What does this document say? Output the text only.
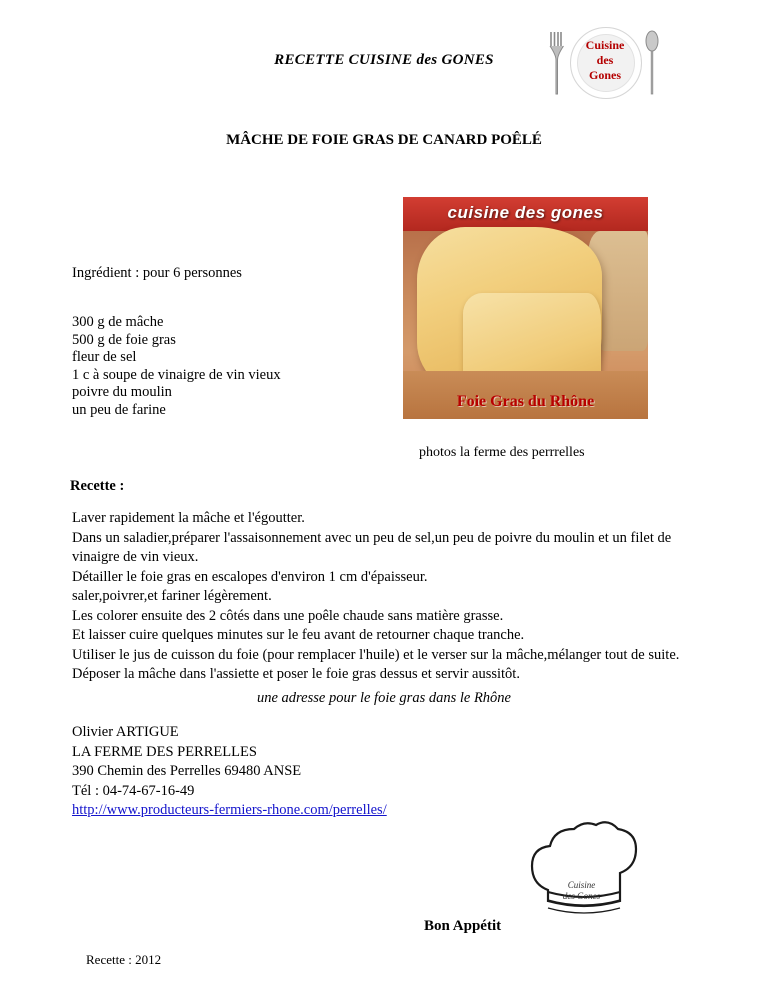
RECETTE CUISINE des GONES
Cuisine
des
Gones
MÂCHE DE FOIE GRAS DE CANARD POÊLÉ
cuisine des gones
Foie Gras du Rhône
photos la ferme des perrrelles
Ingrédient : pour 6 personnes
300 g de mâche
500 g de foie gras
fleur de sel
1 c à soupe de vinaigre de vin vieux
poivre du moulin
un peu de farine
Recette :

Laver rapidement la mâche et l'égoutter.

Dans un saladier,préparer l'assaisonnement avec un peu de sel,un peu de poivre du moulin et un filet de vinaigre de vin vieux.

Détailler le foie gras en escalopes d'environ 1 cm d'épaisseur.

saler,poivrer,et fariner légèrement.

Les colorer ensuite des 2 côtés dans une poêle chaude sans matière grasse.

Et laisser cuire quelques minutes sur le feu avant de retourner chaque tranche.

Utiliser le jus de cuisson du foie (pour remplacer l'huile) et le verser sur la mâche,mélanger tout de suite.

Déposer la mâche dans l'assiette et poser le foie gras dessus et servir aussitôt.

une adresse pour le foie gras dans le Rhône
Olivier ARTIGUE
LA FERME DES PERRELLES
390 Chemin des Perrelles 69480 ANSE
Tél : 04-74-67-16-49
http://www.producteurs-fermiers-rhone.com/perrelles/
Cuisine
des Gones
Bon Appétit
Recette : 2012
